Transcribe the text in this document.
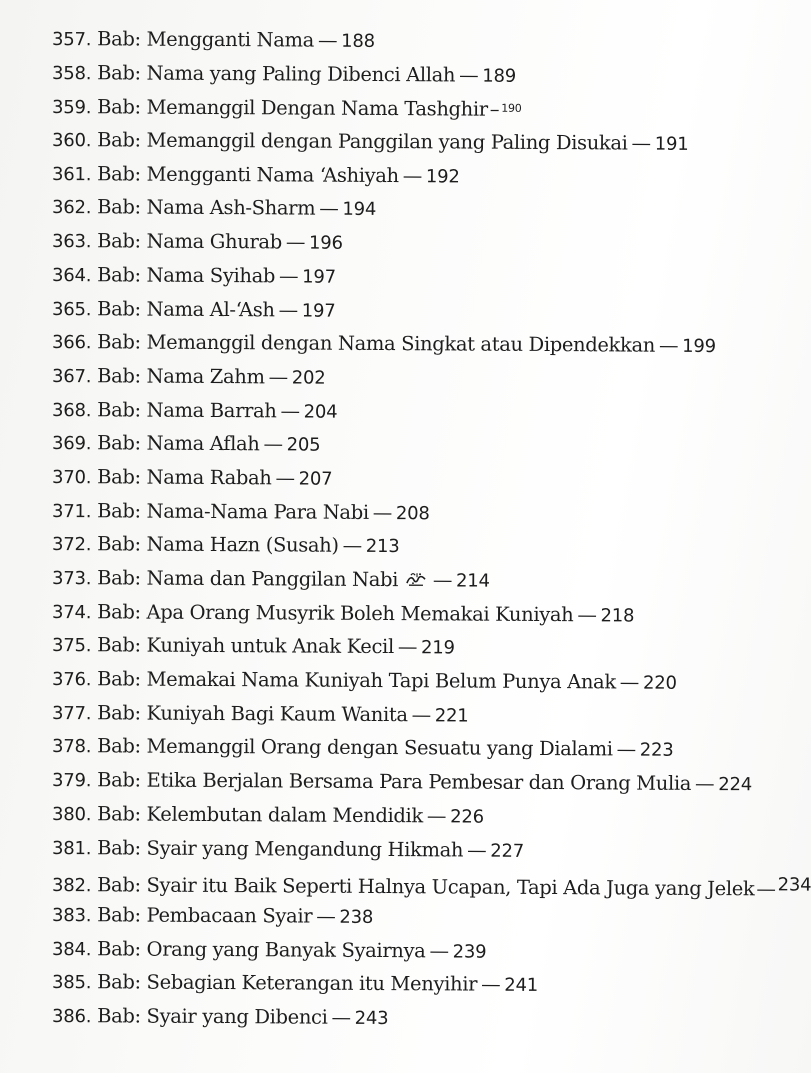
357. Bab: Mengganti Nama — 188
358. Bab: Nama yang Paling Dibenci Allah — 189
359. Bab: Memanggil Dengan Nama Tashghir– $^{190}$
360. Bab: Memanggil dengan Panggilan yang Paling Disukai — 191
361. Bab: Mengganti Nama ‘Ashiyah — 192
362. Bab: Nama Ash-Sharm — 194
363. Bab: Nama Ghurab — 196
364. Bab: Nama Syihab — 197
365. Bab: Nama Al-‘Ash — 197
366. Bab: Memanggil dengan Nama Singkat atau Dipendekkan — 199
367. Bab: Nama Zahm — 202
368. Bab: Nama Barrah — 204
369. Bab: Nama Aflah — 205
370. Bab: Nama Rabah — 207
371. Bab: Nama-Nama Para Nabi — 208
372. Bab: Nama Hazn (Susah) — 213
373. Bab: Nama dan Panggilan Nabi — 214
374. Bab: Apa Orang Musyrik Boleh Memakai Kuniyah — 218
375. Bab: Kuniyah untuk Anak Kecil — 219
376. Bab: Memakai Nama Kuniyah Tapi Belum Punya Anak — 220
377. Bab: Kuniyah Bagi Kaum Wanita — 221
378. Bab: Memanggil Orang dengan Sesuatu yang Dialami — 223
379. Bab: Etika Berjalan Bersama Para Pembesar dan Orang Mulia — 224
380. Bab: Kelembutan dalam Mendidik — 226
381. Bab: Syair yang Mengandung Hikmah — 227
382. Bab: Syair itu Baik Seperti Halnya Ucapan, Tapi Ada Juga yang Jelek— 234
383. Bab: Pembacaan Syair — 238
384. Bab: Orang yang Banyak Syairnya — 239
385. Bab: Sebagian Keterangan itu Menyihir — 241
386. Bab: Syair yang Dibenci — 243
